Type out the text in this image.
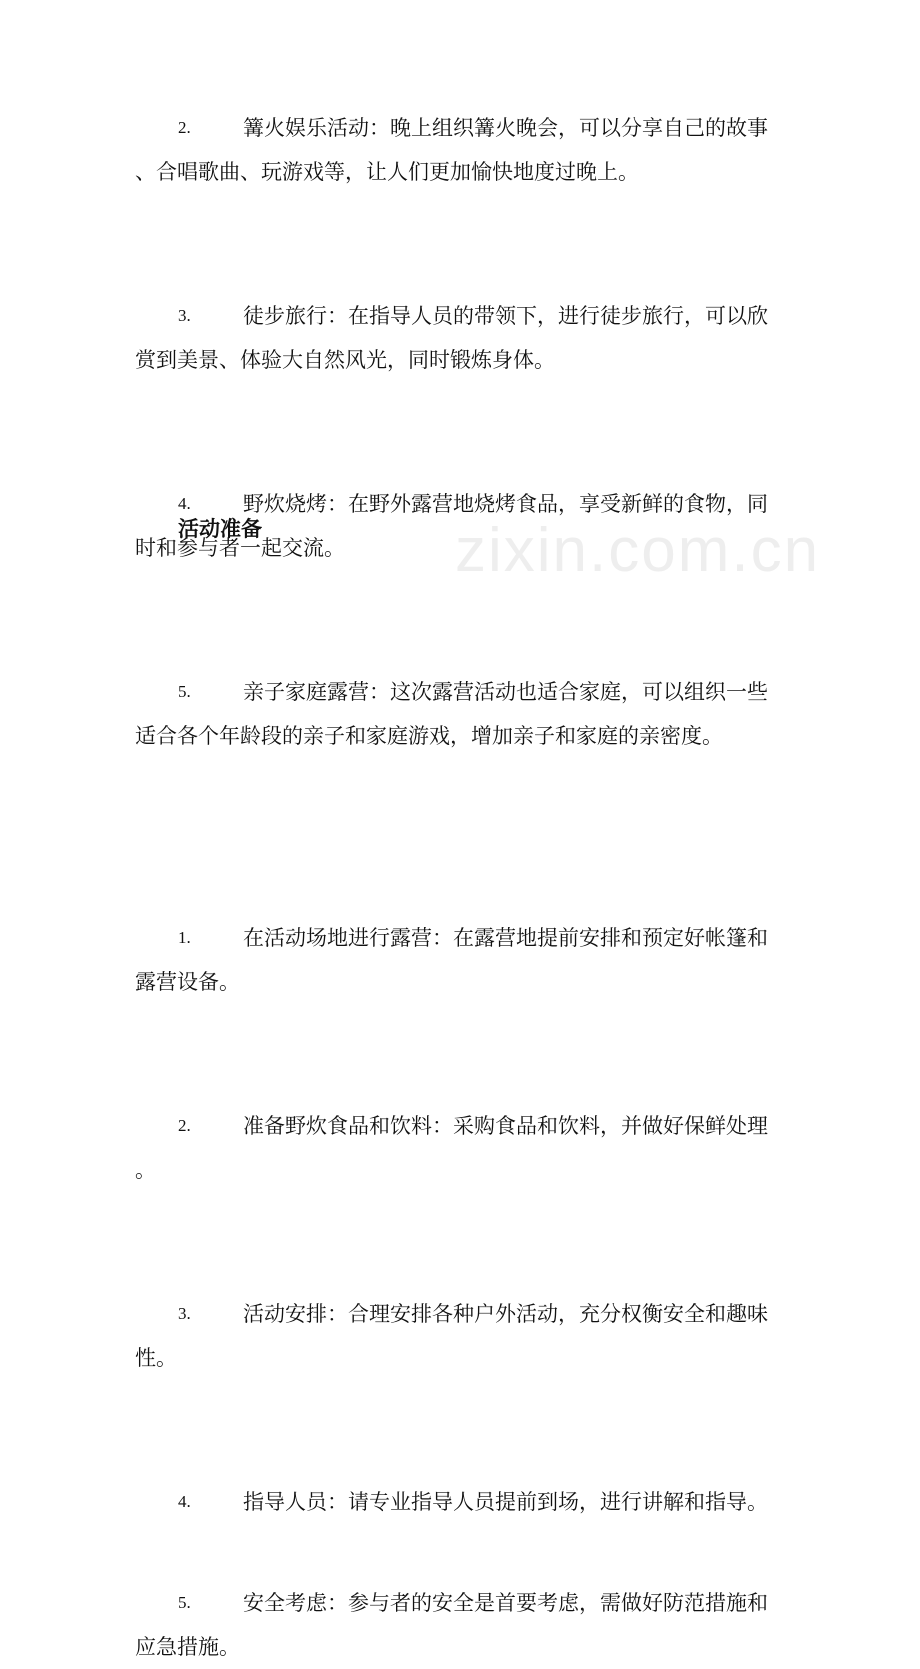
zixin.com.cn
2. 篝火娱乐活动：晚上组织篝火晚会，可以分享自己的故事
、合唱歌曲、玩游戏等，让人们更加愉快地度过晚上。
3. 徒步旅行：在指导人员的带领下，进行徒步旅行，可以欣
赏到美景、体验大自然风光，同时锻炼身体。
4. 野炊烧烤：在野外露营地烧烤食品，享受新鲜的食物，同
时和参与者一起交流。
5. 亲子家庭露营：这次露营活动也适合家庭，可以组织一些
适合各个年龄段的亲子和家庭游戏，增加亲子和家庭的亲密度。
活动准备
1. 在活动场地进行露营：在露营地提前安排和预定好帐篷和
露营设备。
2. 准备野炊食品和饮料：采购食品和饮料，并做好保鲜处理
。
3. 活动安排：合理安排各种户外活动，充分权衡安全和趣味
性。
4. 指导人员：请专业指导人员提前到场，进行讲解和指导。
5. 安全考虑：参与者的安全是首要考虑，需做好防范措施和
应急措施。
